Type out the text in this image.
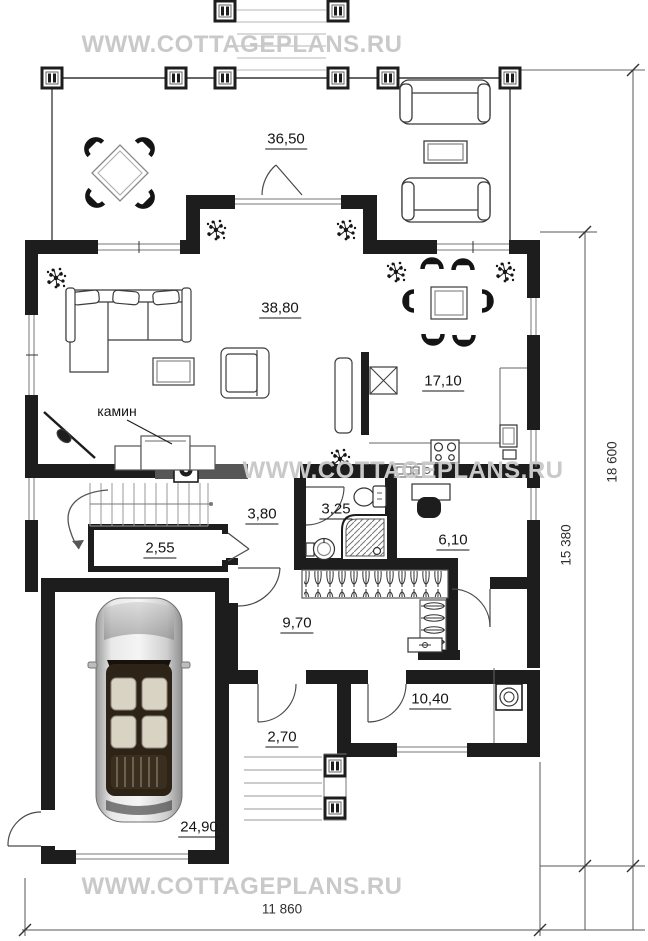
WWW.COTTAGEPLANS.RU
WWW.COTTAGEPLANS.RU
WWW.COTTAGEPLANS.RU
36,50
38,80
17,10
3,80	3,25
6,10
2,55
9,70
10,40
2,70
24,90
камин
11 860
15 380
18 600
